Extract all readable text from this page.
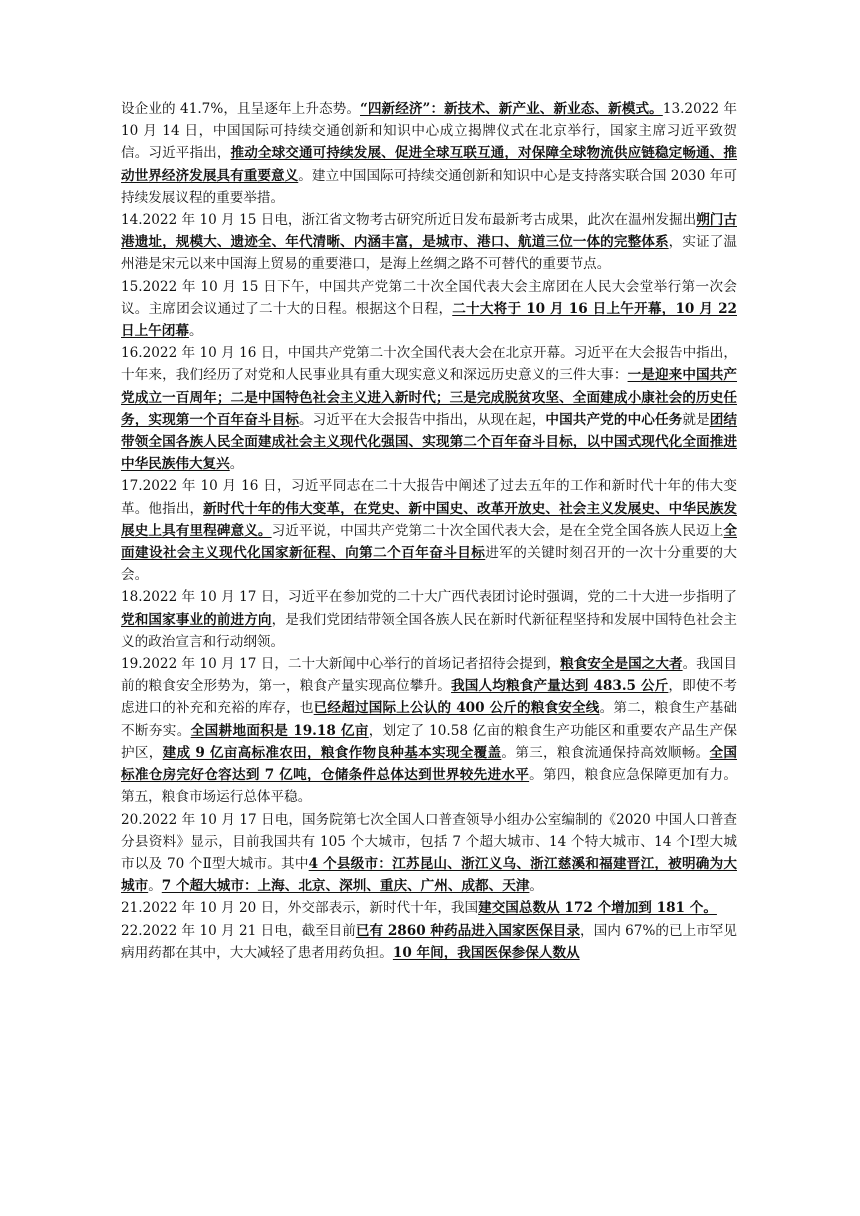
设企业的 41.7%，且呈逐年上升态势。“四新经济”：新技术、新产业、新业态、新模式。13.2022 年 10 月 14 日，中国国际可持续交通创新和知识中心成立揭牌仪式在北京举行，国家主席习近平致贺信。习近平指出，推动全球交通可持续发展、促进全球互联互通，对保障全球物流供应链稳定畅通、推动世界经济发展具有重要意义。建立中国国际可持续交通创新和知识中心是支持落实联合国 2030 年可持续发展议程的重要举措。

14.2022 年 10 月 15 日电，浙江省文物考古研究所近日发布最新考古成果，此次在温州发掘出朔门古港遗址，规模大、遗迹全、年代清晰、内涵丰富，是城市、港口、航道三位一体的完整体系，实证了温州港是宋元以来中国海上贸易的重要港口，是海上丝绸之路不可替代的重要节点。

15.2022 年 10 月 15 日下午，中国共产党第二十次全国代表大会主席团在人民大会堂举行第一次会议。主席团会议通过了二十大的日程。根据这个日程，二十大将于 10 月 16 日上午开幕，10 月 22 日上午闭幕。

16.2022 年 10 月 16 日，中国共产党第二十次全国代表大会在北京开幕。习近平在大会报告中指出，十年来，我们经历了对党和人民事业具有重大现实意义和深远历史意义的三件大事：一是迎来中国共产党成立一百周年；二是中国特色社会主义进入新时代；三是完成脱贫攻坚、全面建成小康社会的历史任务，实现第一个百年奋斗目标。习近平在大会报告中指出，从现在起，中国共产党的中心任务就是团结带领全国各族人民全面建成社会主义现代化强国、实现第二个百年奋斗目标，以中国式现代化全面推进中华民族伟大复兴。

17.2022 年 10 月 16 日，习近平同志在二十大报告中阐述了过去五年的工作和新时代十年的伟大变革。他指出，新时代十年的伟大变革，在党史、新中国史、改革开放史、社会主义发展史、中华民族发展史上具有里程碑意义。习近平说，中国共产党第二十次全国代表大会，是在全党全国各族人民迈上全面建设社会主义现代化国家新征程、向第二个百年奋斗目标进军的关键时刻召开的一次十分重要的大会。

18.2022 年 10 月 17 日，习近平在参加党的二十大广西代表团讨论时强调，党的二十大进一步指明了党和国家事业的前进方向，是我们党团结带领全国各族人民在新时代新征程坚持和发展中国特色社会主义的政治宣言和行动纲领。

19.2022 年 10 月 17 日，二十大新闻中心举行的首场记者招待会提到，粮食安全是国之大者。我国目前的粮食安全形势为，第一，粮食产量实现高位攀升。我国人均粮食产量达到 483.5 公斤，即使不考虑进口的补充和充裕的库存，也已经超过国际上公认的 400 公斤的粮食安全线。第二，粮食生产基础不断夯实。全国耕地面积是 19.18 亿亩，划定了 10.58 亿亩的粮食生产功能区和重要农产品生产保护区，建成 9 亿亩高标准农田，粮食作物良种基本实现全覆盖。第三，粮食流通保持高效顺畅。全国标准仓房完好仓容达到 7 亿吨，仓储条件总体达到世界较先进水平。第四，粮食应急保障更加有力。第五，粮食市场运行总体平稳。

20.2022 年 10 月 17 日电，国务院第七次全国人口普查领导小组办公室编制的《2020 中国人口普查分县资料》显示，目前我国共有 105 个大城市，包括 7 个超大城市、14 个特大城市、14 个Ⅰ型大城市以及 70 个Ⅱ型大城市。其中4 个县级市：江苏昆山、浙江义乌、浙江慈溪和福建晋江，被明确为大城市。7 个超大城市：上海、北京、深圳、重庆、广州、成都、天津。

21.2022 年 10 月 20 日，外交部表示，新时代十年，我国建交国总数从 172 个增加到 181 个。

22.2022 年 10 月 21 日电，截至目前已有 2860 种药品进入国家医保目录，国内 67%的已上市罕见病用药都在其中，大大减轻了患者用药负担。10 年间，我国医保参保人数从
